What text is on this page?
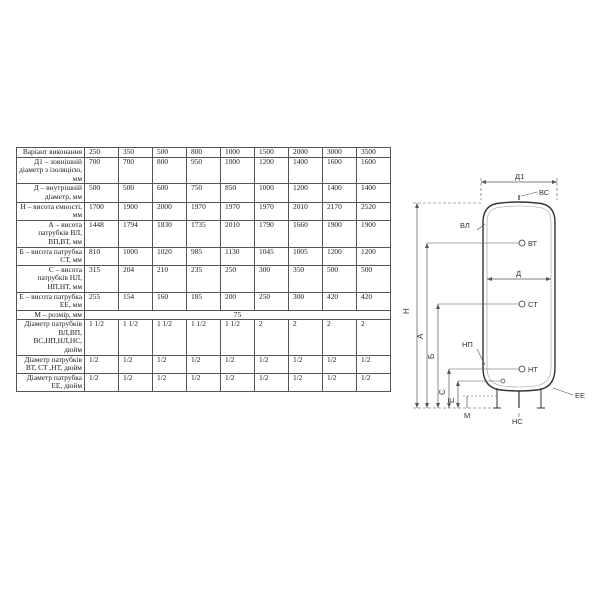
Варіант виконання	250	350	500	800	1000	1500	2000	3000	3500
Д1 – зовнішній діаметр з ізоляцією, мм	700	700	800	950	1000	1200	1400	1600	1600
Д – внутрішній діаметр, мм	500	500	600	750	850	1000	1200	1400	1400
Н – висота ємності, мм	1700	1900	2000	1970	1970	1970	2010	2170	2520
А – висота патрубків ВЛ, ВП,ВТ, мм	1448	1794	1830	1735	2010	1790	1660	1900	1900
Б – висота патрубка СТ, мм	810	1000	1020	985	1130	1045	1005	1200	1200
С – висота патрубків НЛ, НП,НТ, мм	315	204	210	235	250	300	350	500	500
Е – висота патрубка ЕЕ, мм	255	154	160	185	200	250	300	420	420
М – розмір, мм	75								
Діаметр патрубків ВЛ,ВП, ВС,НП,НЛ,НС, дюйм	1 1/2	1 1/2	1 1/2	1 1/2	1 1/2	2	2	2	2
Діаметр патрубків ВТ, СТ ,НТ, дюйм	1/2	1/2	1/2	1/2	1/2	1/2	1/2	1/2	1/2
Діаметр патрубка ЕЕ, дюйм	1/2	1/2	1/2	1/2	1/2	1/2	1/2	1/2	1/2
Д1
ВС
ВЛ
ВТ
Д
СТ
НП
НТ
ЕЕ
НС
Н
А
Б
С
Е
М
